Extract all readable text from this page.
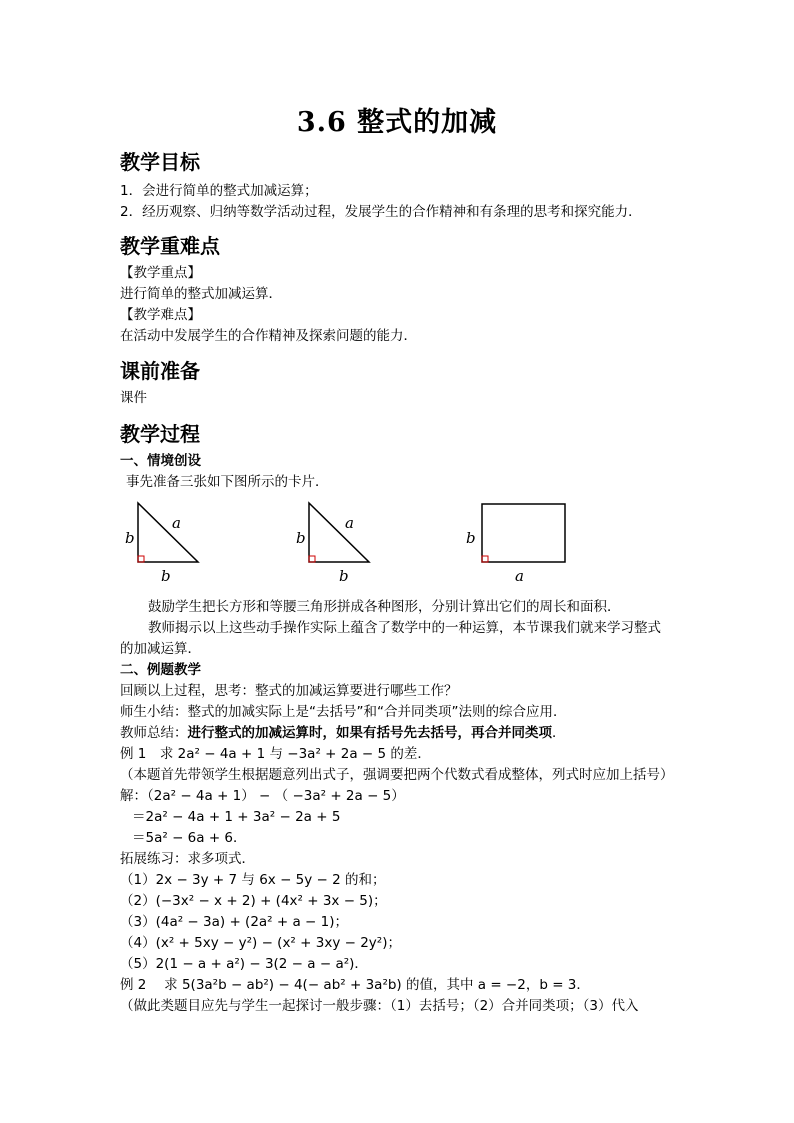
3.6 整式的加减
教学目标
1．会进行简单的整式加减运算；
2．经历观察、归纳等数学活动过程，发展学生的合作精神和有条理的思考和探究能力．
教学重难点
【教学重点】
进行简单的整式加减运算．
【教学难点】
在活动中发展学生的合作精神及探索问题的能力．
课前准备
课件
教学过程
一、情境创设
事先准备三张如下图所示的卡片．
b
a
b
b
a
b
b
a
鼓励学生把长方形和等腰三角形拼成各种图形，分别计算出它们的周长和面积．
教师揭示以上这些动手操作实际上蕴含了数学中的一种运算，本节课我们就来学习整式
的加减运算．
二、例题教学
回顾以上过程，思考：整式的加减运算要进行哪些工作？
师生小结：整式的加减实际上是“去括号”和“合并同类项”法则的综合应用．
教师总结：进行整式的加减运算时，如果有括号先去括号，再合并同类项．
例 1　求 2a² − 4a + 1 与 −3a² + 2a − 5 的差．
（本题首先带领学生根据题意列出式子，强调要把两个代数式看成整体，列式时应加上括号）
解：（2a² − 4a + 1） − （ −3a² + 2a − 5）
＝2a² − 4a + 1 + 3a² − 2a + 5
＝5a² − 6a + 6．
拓展练习：求多项式．
（1）2x − 3y + 7 与 6x − 5y − 2 的和；
（2）(−3x² − x + 2) + (4x² + 3x − 5)；
（3）(4a² − 3a) + (2a² + a − 1)；
（4）(x² + 5xy − y²) − (x² + 3xy − 2y²)；
（5）2(1 − a + a²) − 3(2 − a − a²)．
例 2　 求 5(3a²b − ab²) − 4(− ab² + 3a²b) 的值，其中 a = −2，b = 3．
（做此类题目应先与学生一起探讨一般步骤：（1）去括号；（2）合并同类项；（3）代入
